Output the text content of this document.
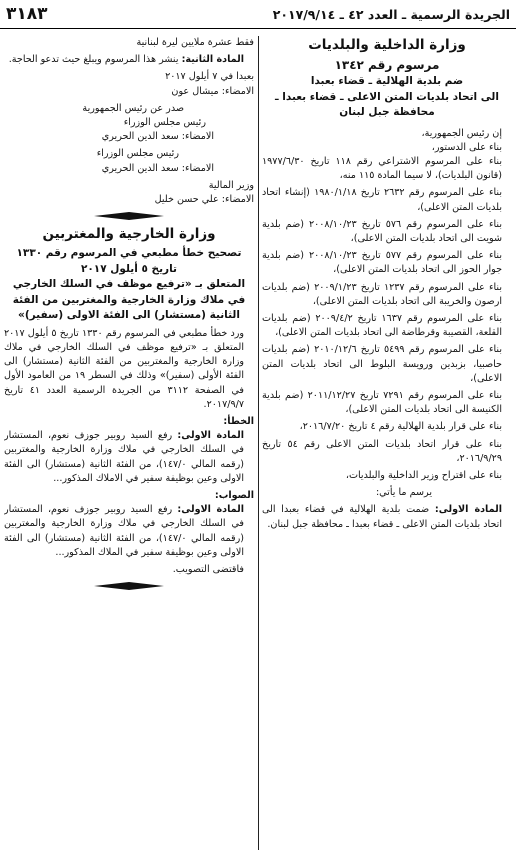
الجريدة الرسمية ـ العدد ٤٢ ـ ٢٠١٧/٩/١٤
٣١٨٣
وزارة الداخلية والبلديات
مرسوم رقم ١٣٤٢
ضم بلدية الهلالية ـ قضاء بعبدا
الى اتحاد بلديات المتن الاعلى ـ قضاء بعبدا ـ محافظة جبل لبنان

إن رئيس الجمهورية،

بناء على الدستور،

بناء على المرسوم الاشتراعي رقم ١١٨ تاريخ ١٩٧٧/٦/٣٠ (قانون البلديات)، لا سيما المادة ١١٥ منه،

بناء على المرسوم رقم ٢٦٣٢ تاريخ ١٩٨٠/١/١٨ (إنشاء اتحاد بلديات المتن الاعلى)،

بناء على المرسوم رقم ٥٧٦ تاريخ ٢٠٠٨/١٠/٢٣ (ضم بلدية شويت الى اتحاد بلديات المتن الاعلى)،

بناء على المرسوم رقم ٥٧٧ تاريخ ٢٠٠٨/١٠/٢٣ (ضم بلدية جوار الحوز الى اتحاد بلديات المتن الاعلى)،

بناء على المرسوم رقم ١٢٣٧ تاريخ ٢٠٠٩/١/٢٣ (ضم بلديات ارصون والخريبة الى اتحاد بلديات المتن الاعلى)،

بناء على المرسوم رقم ١٦٣٧ تاريخ ٢٠٠٩/٤/٢ (ضم بلديات القلعة، القصيبة وقرطاضة الى اتحاد بلديات المتن الاعلى)،

بناء على المرسوم رقم ٥٤٩٩ تاريخ ٢٠١٠/١٢/٦ (ضم بلديات حاصبيا، بزبدين ورويسة البلوط الى اتحاد بلديات المتن الاعلى)،

بناء على المرسوم رقم ٧٢٩١ تاريخ ٢٠١١/١٢/٢٧ (ضم بلدية الكنيسة الى اتحاد بلديات المتن الاعلى)،

بناء على قرار بلدية الهلالية رقم ٤ تاريخ ٢٠١٦/٧/٢٠،

بناء على قرار اتحاد بلديات المتن الاعلى رقم ٥٤ تاريخ ٢٠١٦/٩/٢٩،

بناء على اقتراح وزير الداخلية والبلديات،

يرسم ما يأتي:

المادة الاولى: ضمت بلدية الهلالية في قضاء بعبدا الى اتحاد بلديات المتن الاعلى ـ قضاء بعبدا ـ محافظة جبل لبنان.

فقط عشرة ملايين ليرة لبنانية

المادة الثانية: ينشر هذا المرسوم ويبلغ حيث تدعو الحاجة.

بعبدا في ٧ أيلول ٢٠١٧

الامضاء: ميشال عون

صدر عن رئيس الجمهورية

رئيس مجلس الوزراء

الامضاء: سعد الدين الحريري

رئيس مجلس الوزراء

الامضاء: سعد الدين الحريري

وزير المالية

الامضاء: علي حسن خليل

وزارة الخارجية والمغتربين
تصحيح خطأ مطبعي في المرسوم رقم ١٣٣٠ تاريخ ٥ أيلول ٢٠١٧
المتعلق بـ «ترفيع موظف في السلك الخارجي في ملاك وزارة الخارجية والمغتربين من الفئة الثانية (مستشار) الى الفئة الاولى (سفير)»

ورد خطأ مطبعي في المرسوم رقم ١٣٣٠ تاريخ ٥ أيلول ٢٠١٧ المتعلق بـ «ترفيع موظف في السلك الخارجي في ملاك وزارة الخارجية والمغتربين من الفئة الثانية (مستشار) الى الفئة الأولى (سفير)» وذلك في السطر ١٩ من العامود الأول في الصفحة ٣١١٢ من الجريدة الرسمية العدد ٤١ تاريخ ٢٠١٧/٩/٧.

الخطأ:

المادة الاولى: رفع السيد روبير جوزف نعوم، المستشار في السلك الخارجي في ملاك وزارة الخارجية والمغتربين (رقمه المالي ١٤٧/٠)، من الفئة الثانية (مستشار) الى الفئة الاولى وعين بوظيفة سفير في الاملاك المذكور...

الصواب:

المادة الاولى: رفع السيد روبير جوزف نعوم، المستشار في السلك الخارجي في ملاك وزارة الخارجية والمغتربين (رقمه المالي ١٤٧/٠)، من الفئة الثانية (مستشار) الى الفئة الاولى وعين بوظيفة سفير في الملاك المذكور...

فاقتضى التصويب.
